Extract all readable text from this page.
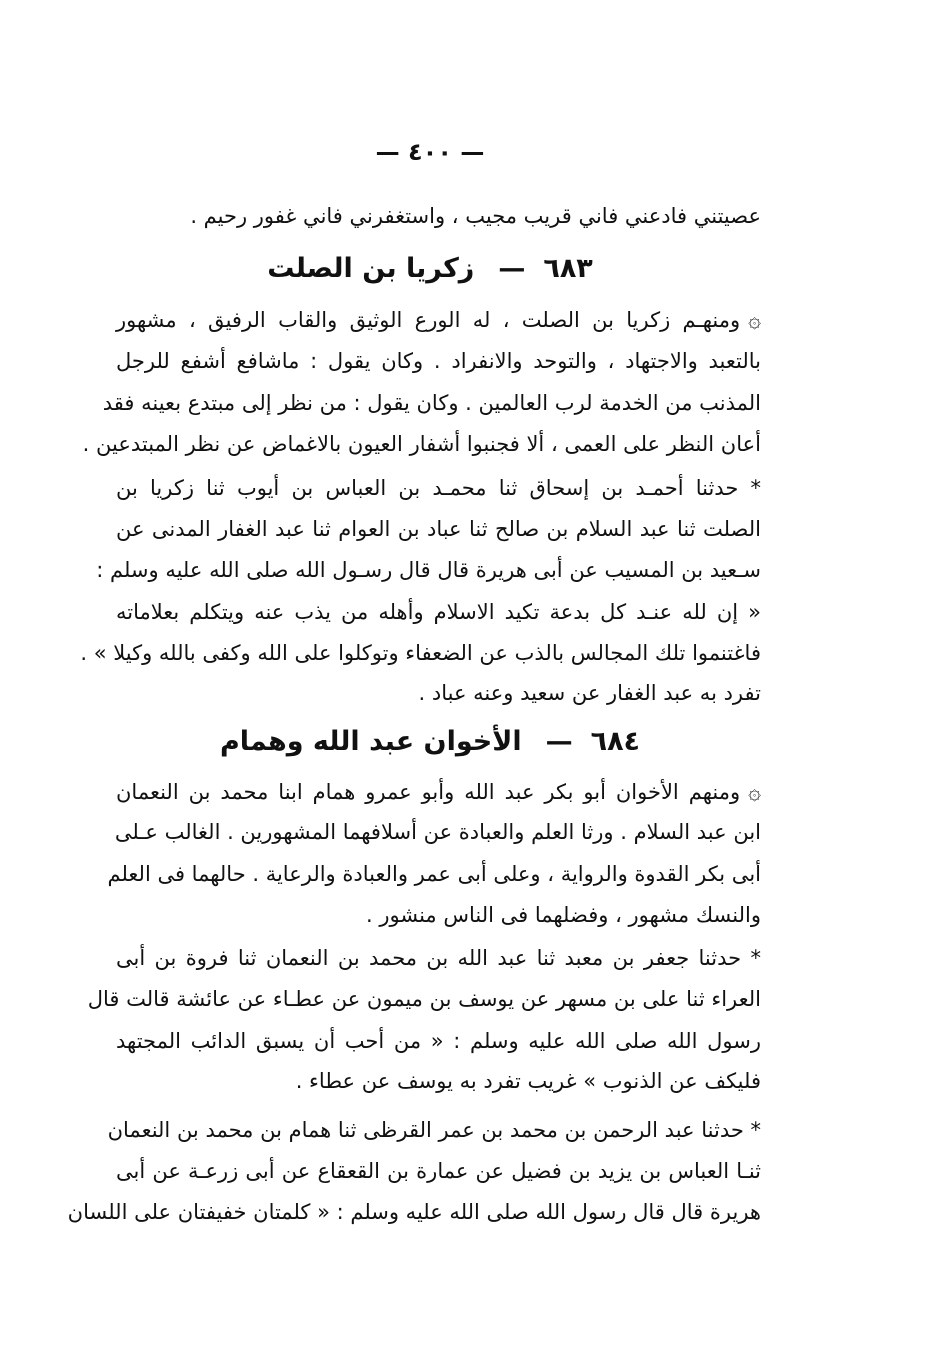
— ٤٠٠ —
عصيتني فادعني فاني قريب مجيب ، واستغفرني فاني غفور رحيم .
٦٨٣—زكريا بن الصلت
۞ومنهـم زكريا بن الصلت ، له الورع الوثيق والقاب الرفيق ، مشهور
بالتعبد والاجتهاد ، والتوحد والانفراد . وكان يقول : ماشافع أشفع للرجل
المذنب من الخدمة لرب العالمين . وكان يقول : من نظر إلى مبتدع بعينه فقد
أعان النظر على العمى ، ألا فجنبوا أشفار العيون بالاغماض عن نظر المبتدعين .
* حدثنا أحمـد بن إسحاق ثنا محمـد بن العباس بن أيوب ثنا زكريا بن
الصلت ثنا عبد السلام بن صالح ثنا عباد بن العوام ثنا عبد الغفار المدنى عن
سـعيد بن المسيب عن أبى هريرة قال قال رسـول الله صلى الله عليه وسلم :
« إن لله عنـد كل بدعة تكيد الاسلام وأهله من يذب عنه ويتكلم بعلاماته
فاغتنموا تلك المجالس بالذب عن الضعفاء وتوكلوا على الله وكفى بالله وكيلا » .
تفرد به عبد الغفار عن سعيد وعنه عباد .
٦٨٤—الأخوان عبد الله وهمام
۞ومنهم الأخوان أبو بكر عبد الله وأبو عمرو همام ابنا محمد بن النعمان
ابن عبد السلام . ورثا العلم والعبادة عن أسلافهما المشهورين . الغالب عـلى
أبى بكر القدوة والرواية ، وعلى أبى عمر والعبادة والرعاية . حالهما فى العلم
والنسك مشهور ، وفضلهما فى الناس منشور .
* حدثنا جعفر بن معبد ثنا عبد الله بن محمد بن النعمان ثنا فروة بن أبى
العراء ثنا على بن مسهر عن يوسف بن ميمون عن عطـاء عن عائشة قالت قال
رسول الله صلى الله عليه وسلم : « من أحب أن يسبق الدائب المجتهد
فليكف عن الذنوب » غريب تفرد به يوسف عن عطاء .
* حدثنا عبد الرحمن بن محمد بن عمر القرظى ثنا همام بن محمد بن النعمان
ثنـا العباس بن يزيد بن فضيل عن عمارة بن القعقاع عن أبى زرعـة عن أبى
هريرة قال قال رسول الله صلى الله عليه وسلم : « كلمتان خفيفتان على اللسان
